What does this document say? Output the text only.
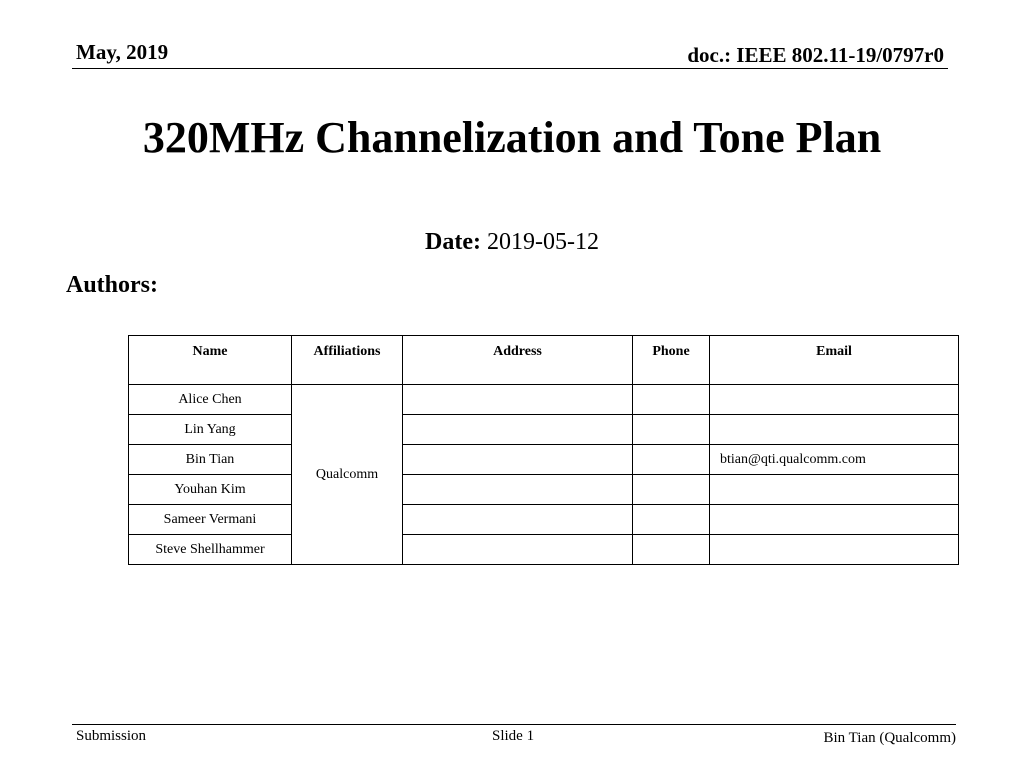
May, 2019	doc.: IEEE 802.11-19/0797r0
320MHz Channelization and Tone Plan
Date: 2019-05-12
Authors:
Name	Affiliations	Address	Phone	Email
Alice Chen	Qualcomm			
Lin Yang				
Bin Tian				btian@qti.qualcomm.com
Youhan Kim				
Sameer Vermani				
Steve Shellhammer				
Submission	Slide 1	Bin Tian (Qualcomm)
